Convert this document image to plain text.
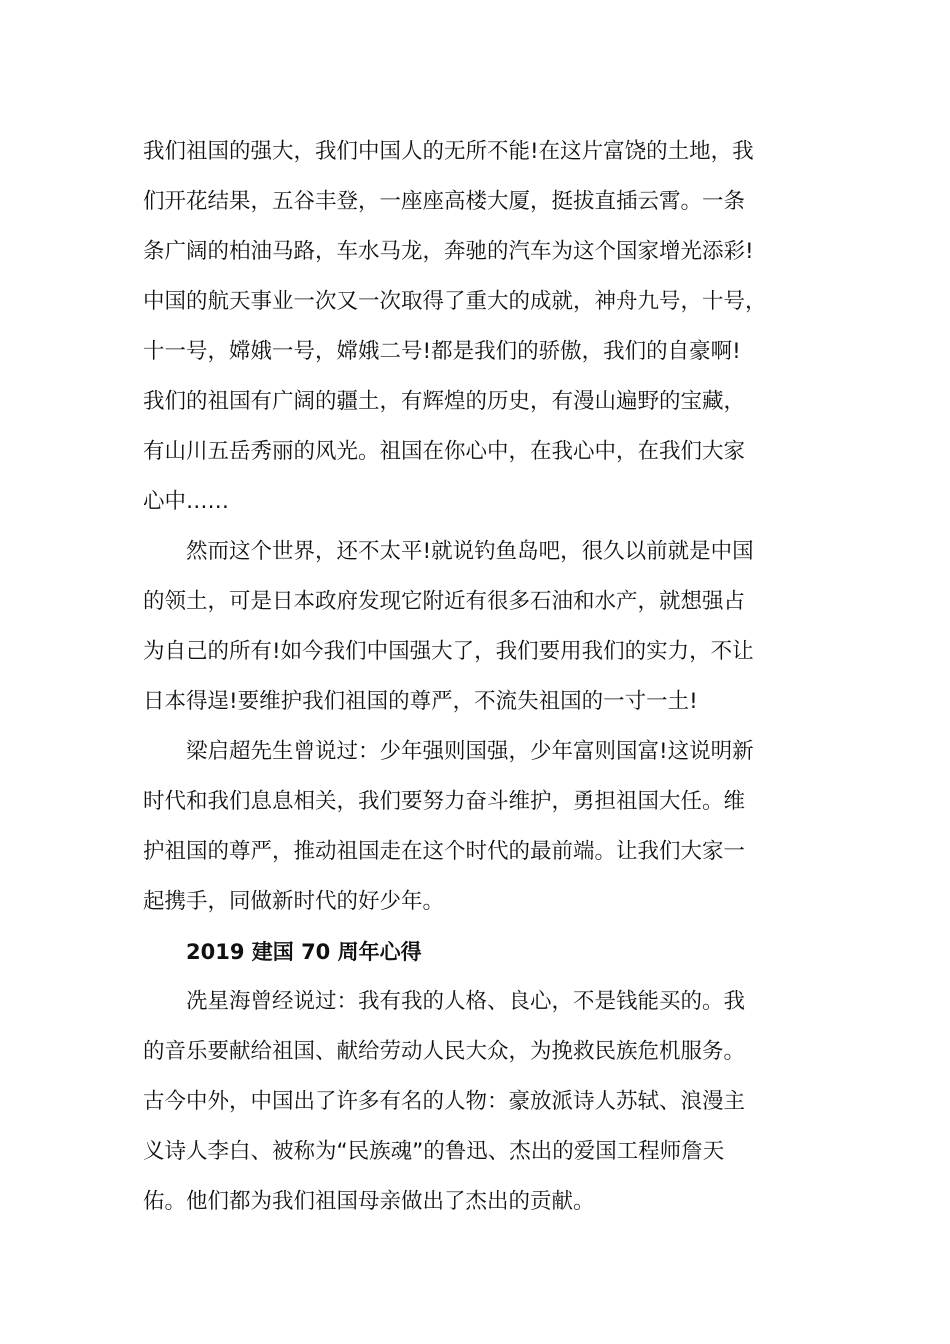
我们祖国的强大，我们中国人的无所不能!在这片富饶的土地，我
们开花结果，五谷丰登，一座座高楼大厦，挺拔直插云霄。一条
条广阔的柏油马路，车水马龙，奔驰的汽车为这个国家增光添彩!
中国的航天事业一次又一次取得了重大的成就，神舟九号，十号，
十一号，嫦娥一号，嫦娥二号!都是我们的骄傲，我们的自豪啊!
我们的祖国有广阔的疆土，有辉煌的历史，有漫山遍野的宝藏，
有山川五岳秀丽的风光。祖国在你心中，在我心中，在我们大家
心中……
然而这个世界，还不太平!就说钓鱼岛吧，很久以前就是中国
的领土，可是日本政府发现它附近有很多石油和水产，就想强占
为自己的所有!如今我们中国强大了，我们要用我们的实力，不让
日本得逞!要维护我们祖国的尊严，不流失祖国的一寸一土!
梁启超先生曾说过：少年强则国强，少年富则国富!这说明新
时代和我们息息相关，我们要努力奋斗维护，勇担祖国大任。维
护祖国的尊严，推动祖国走在这个时代的最前端。让我们大家一
起携手，同做新时代的好少年。
2019 建国 70 周年心得
冼星海曾经说过：我有我的人格、良心，不是钱能买的。我
的音乐要献给祖国、献给劳动人民大众，为挽救民族危机服务。
古今中外，中国出了许多有名的人物：豪放派诗人苏轼、浪漫主
义诗人李白、被称为“民族魂”的鲁迅、杰出的爱国工程师詹天
佑。他们都为我们祖国母亲做出了杰出的贡献。
